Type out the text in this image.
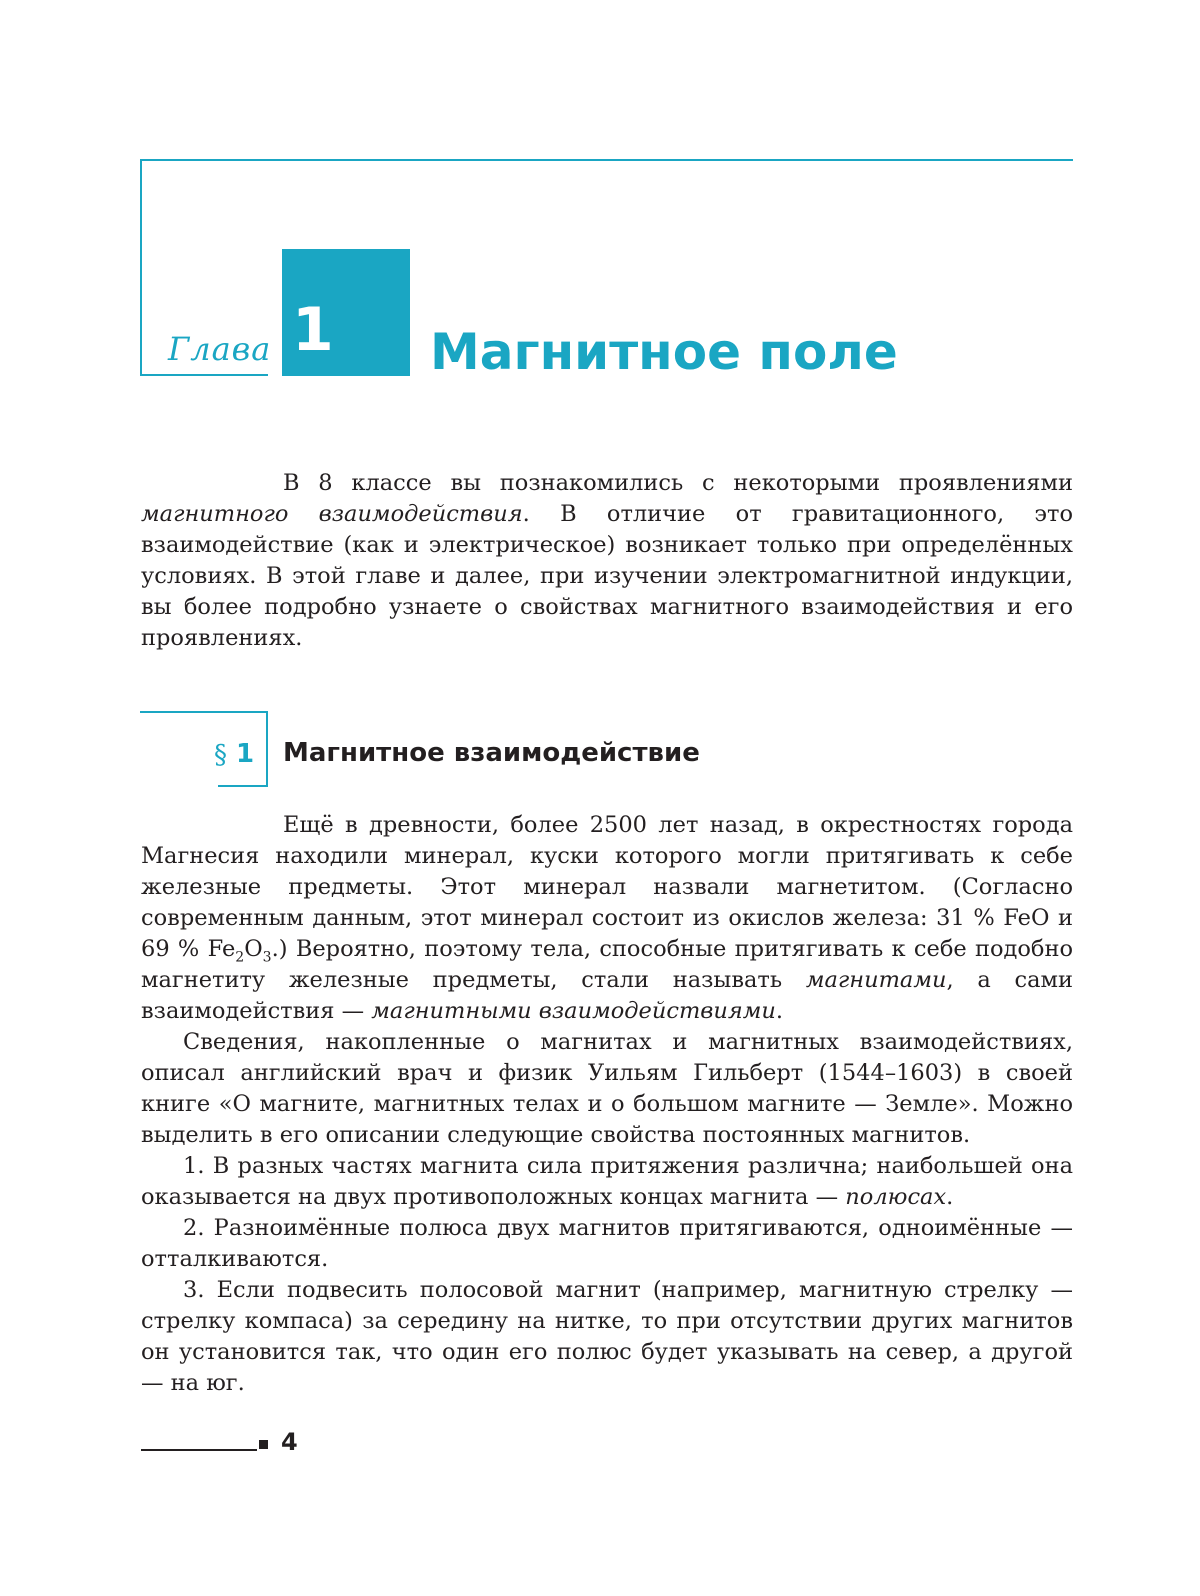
Глава 1 Магнитное поле

В 8 классе вы познакомились с некоторыми проявлениями магнитного взаимодействия. В отличие от гравитационного, это взаимодействие (как и электрическое) возникает только при определённых условиях. В этой главе и далее, при изучении электромагнитной индукции, вы более подробно узнаете о свойствах магнитного взаимодействия и его проявлениях.

§ 1 Магнитное взаимодействие

Ещё в древности, более 2500 лет назад, в окрестностях города Магнесия находили минерал, куски которого могли притягивать к себе железные предметы. Этот минерал назвали магнетитом. (Согласно современным данным, этот минерал состоит из окислов железа: 31 % FeO и 69 % $Fe_2O_3$.) Вероятно, поэтому тела, способные притягивать к себе подобно магнетиту железные предметы, стали называть магнитами, а сами взаимодействия — магнитными взаимодействиями.

Сведения, накопленные о магнитах и магнитных взаимодействиях, описал английский врач и физик Уильям Гильберт (1544–1603) в своей книге «О магните, магнитных телах и о большом магните — Земле». Можно выделить в его описании следующие свойства постоянных магнитов.

1. В разных частях магнита сила притяжения различна; наибольшей она оказывается на двух противоположных концах магнита — полюсах.

2. Разноимённые полюса двух магнитов притягиваются, одноимённые — отталкиваются.

3. Если подвесить полосовой магнит (например, магнитную стрелку — стрелку компаса) за середину на нитке, то при отсутствии других магнитов он установится так, что один его полюс будет указывать на север, а другой — на юг.

4
